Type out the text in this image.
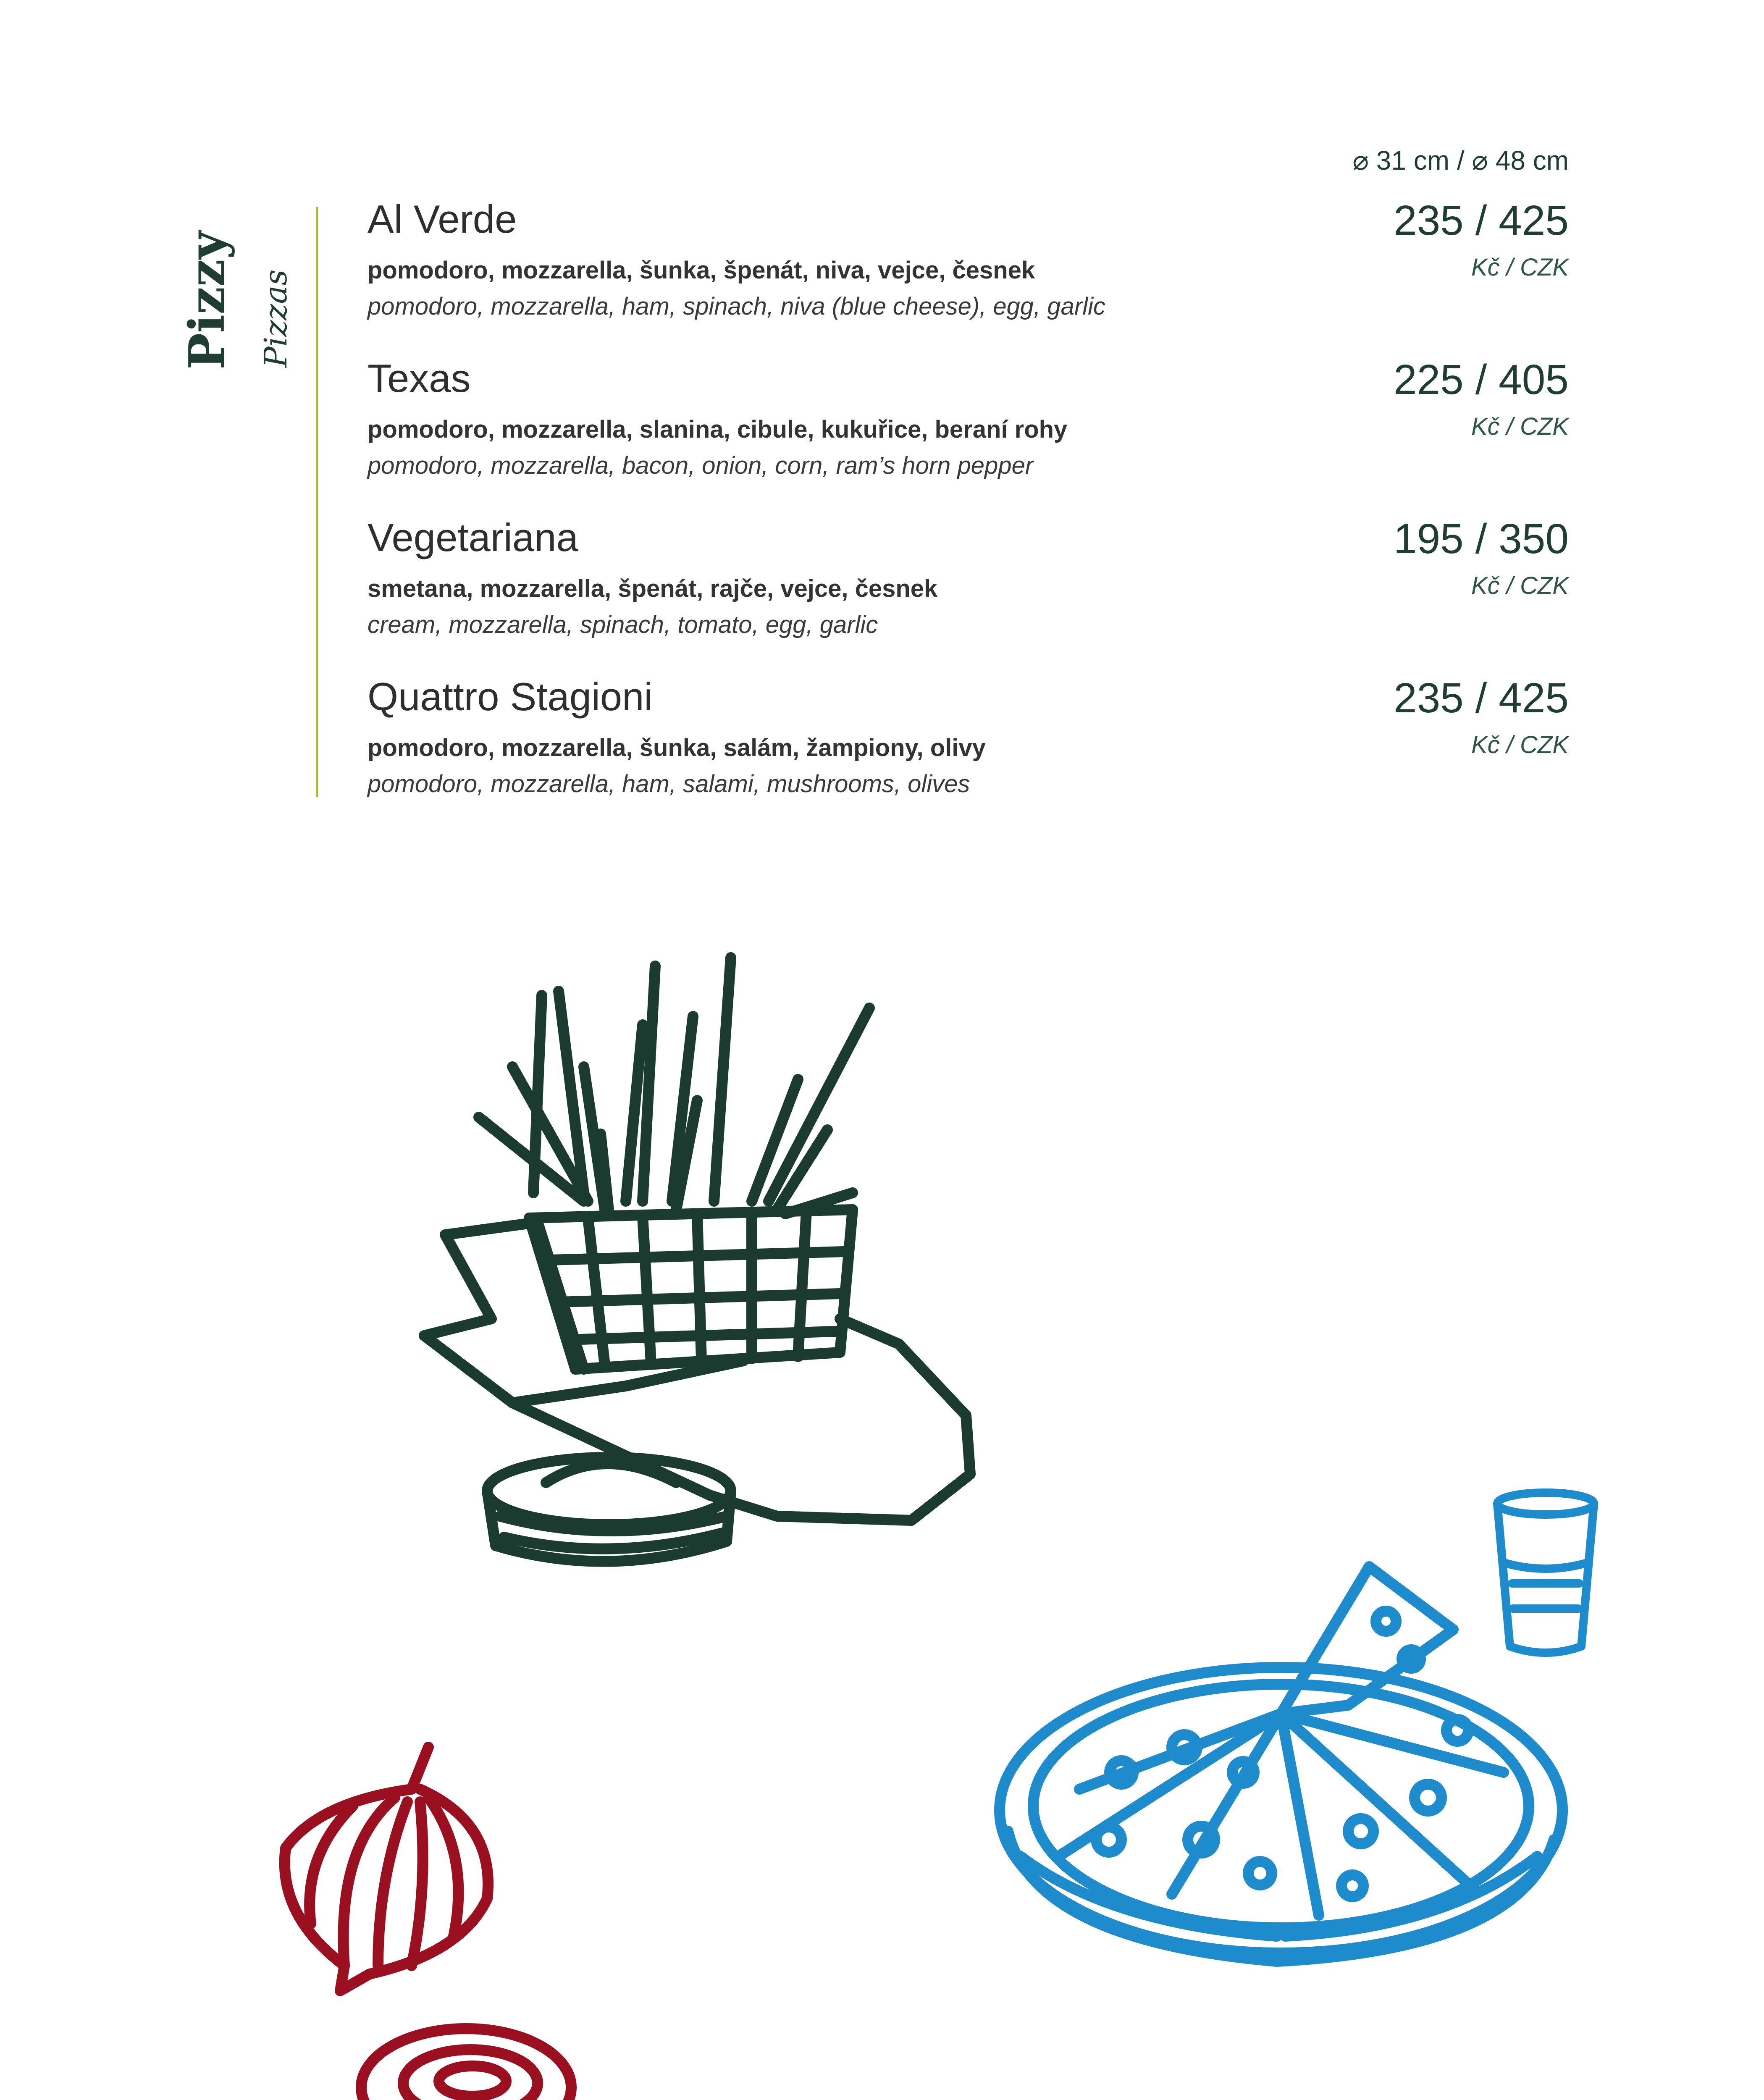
⌀ 31 cm / ⌀ 48 cm
Pizzy Pizzas
Al Verde
pomodoro, mozzarella, šunka, špenát, niva, vejce, česnek
pomodoro, mozzarella, ham, spinach, niva (blue cheese), egg, garlic
235 / 425
Kč / CZK
Texas
pomodoro, mozzarella, slanina, cibule, kukuřice, beraní rohy
pomodoro, mozzarella, bacon, onion, corn, ram’s horn pepper
225 / 405
Kč / CZK
Vegetariana
smetana, mozzarella, špenát, rajče, vejce, česnek
cream, mozzarella, spinach, tomato, egg, garlic
195 / 350
Kč / CZK
Quattro Stagioni
pomodoro, mozzarella, šunka, salám, žampiony, olivy
pomodoro, mozzarella, ham, salami, mushrooms, olives
235 / 425
Kč / CZK
